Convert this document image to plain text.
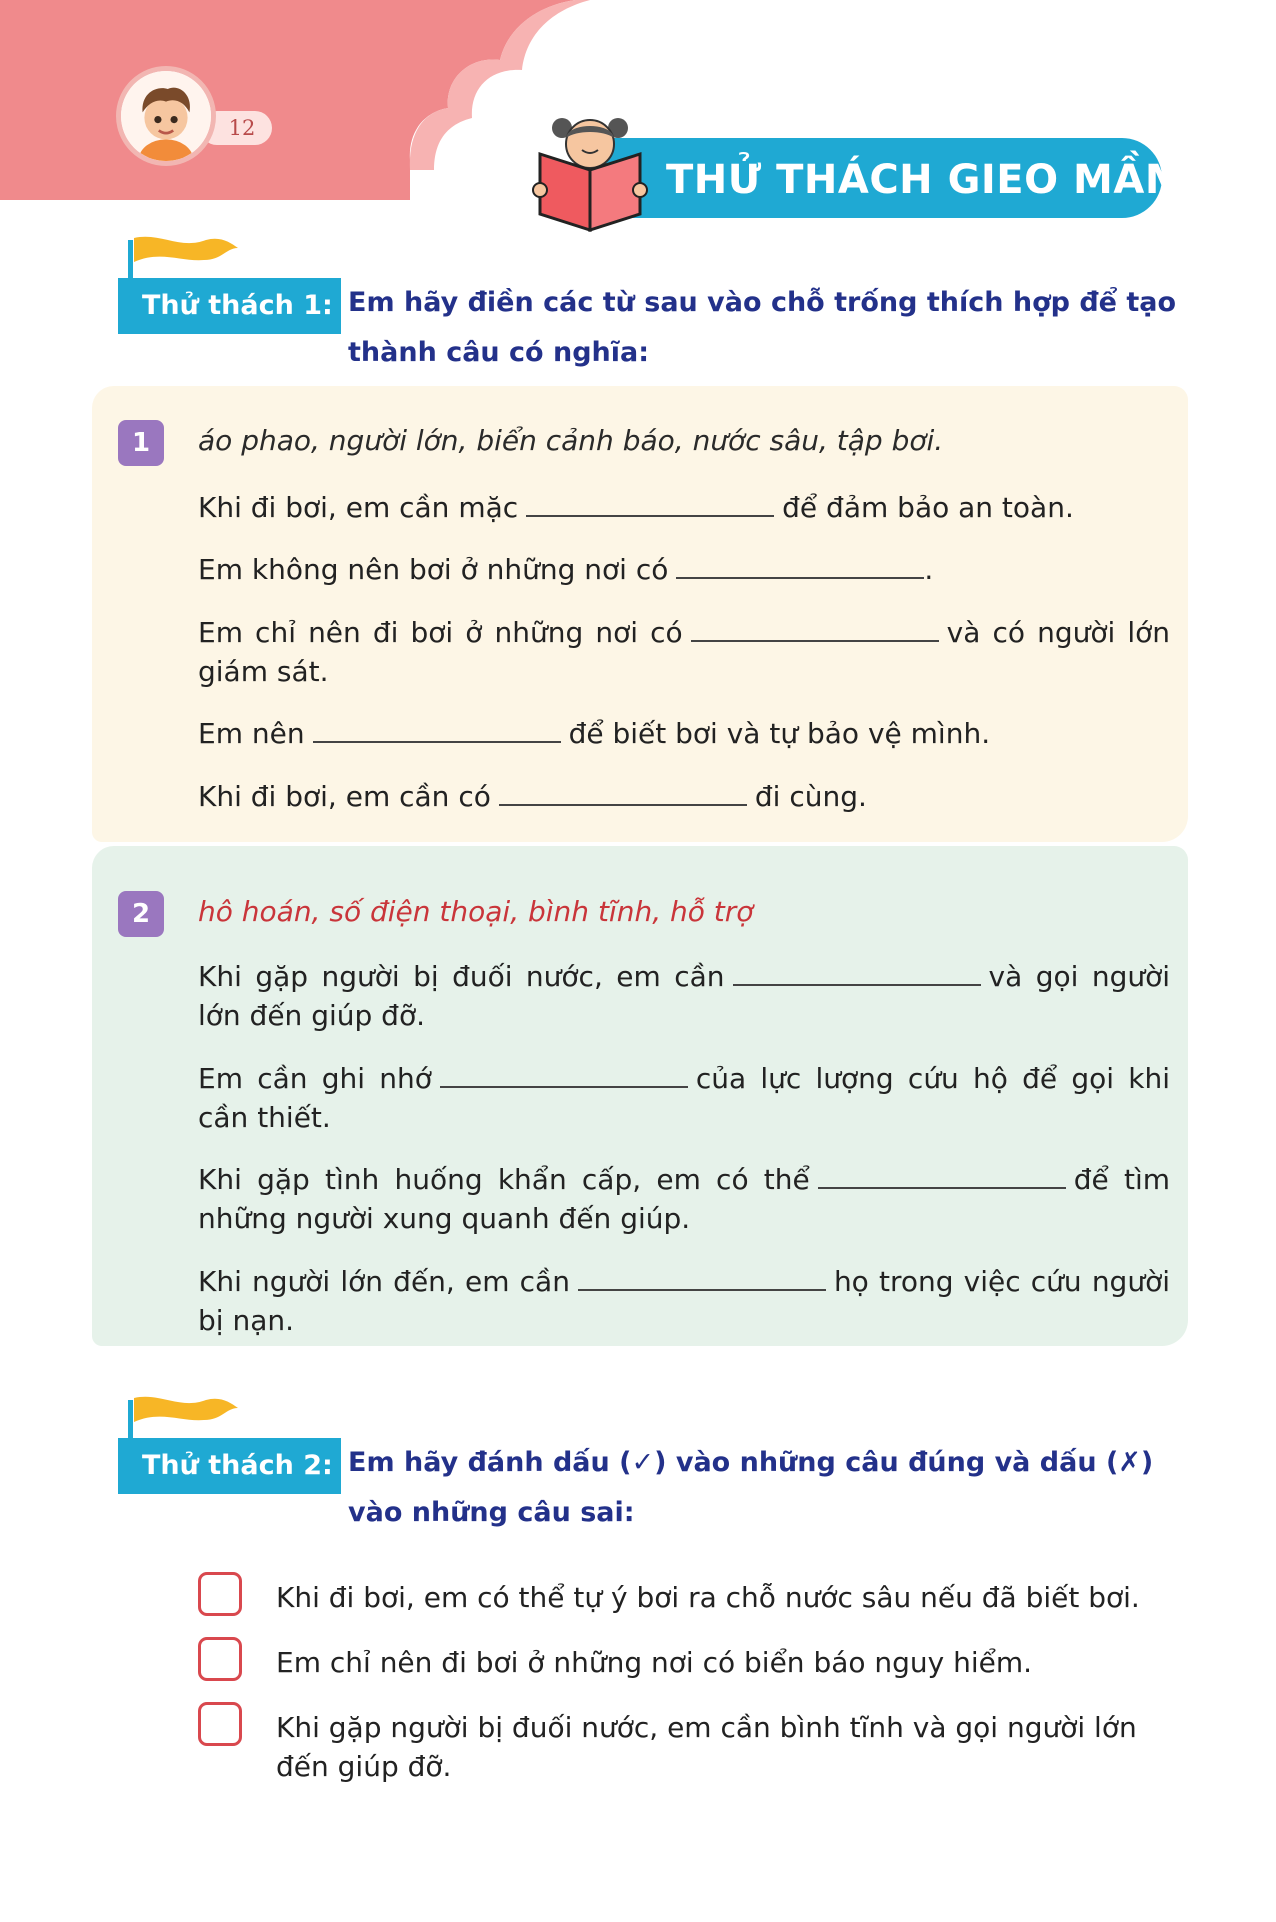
12
THỬ THÁCH GIEO MẦM
Thử thách 1: Em hãy điền các từ sau vào chỗ trống thích hợp để tạo thành câu có nghĩa:
1	áo phao, người lớn, biển cảnh báo, nước sâu, tập bơi.
Khi đi bơi, em cần mặc	để đảm bảo an toàn.
Em không nên bơi ở những nơi có	.
Em chỉ nên đi bơi ở những nơi có	và có người lớn giám sát.
Em nên	để biết bơi và tự bảo vệ mình.
Khi đi bơi, em cần có	đi cùng.
2	hô hoán, số điện thoại, bình tĩnh, hỗ trợ
Khi gặp người bị đuối nước, em cần	và gọi người lớn đến giúp đỡ.
Em cần ghi nhớ	của lực lượng cứu hộ để gọi khi cần thiết.
Khi gặp tình huống khẩn cấp, em có thể	để tìm những người xung quanh đến giúp.
Khi người lớn đến, em cần	họ trong việc cứu người bị nạn.
Thử thách 2: Em hãy đánh dấu (✓) vào những câu đúng và dấu (✗) vào những câu sai:
Khi đi bơi, em có thể tự ý bơi ra chỗ nước sâu nếu đã biết bơi.
Em chỉ nên đi bơi ở những nơi có biển báo nguy hiểm.
Khi gặp người bị đuối nước, em cần bình tĩnh và gọi người lớn đến giúp đỡ.
